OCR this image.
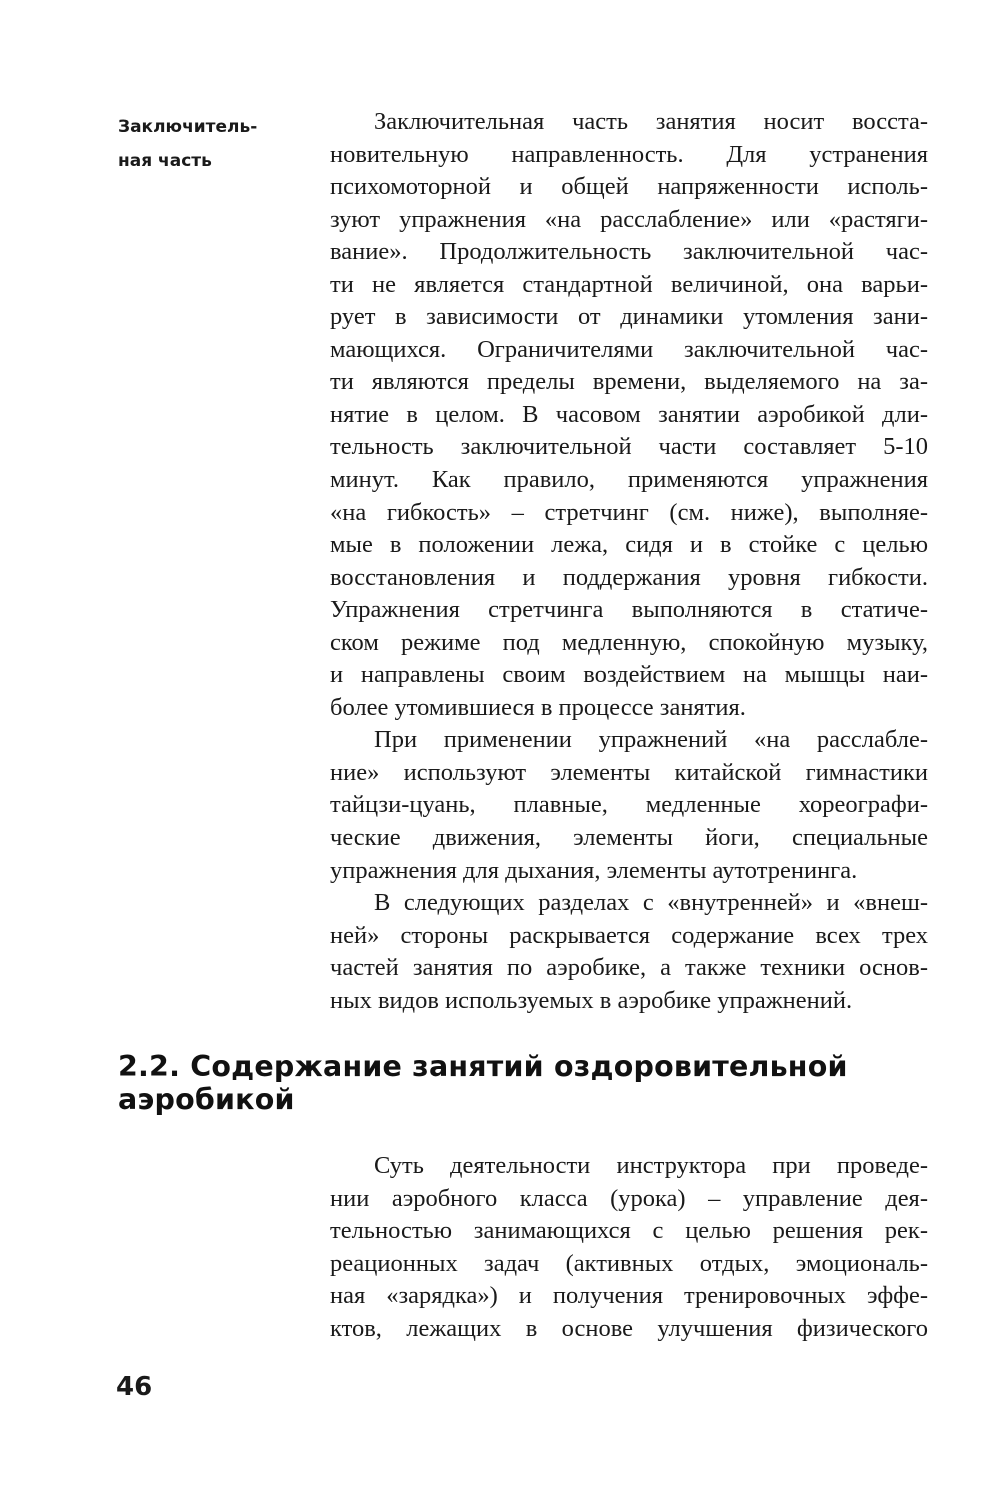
Заключитель-
ная часть
Заключительная часть занятия носит восста-
новительную направленность. Для устранения
психомоторной и общей напряженности исполь-
зуют упражнения «на расслабление» или «растяги-
вание». Продолжительность заключительной час-
ти не является стандартной величиной, она варьи-
рует в зависимости от динамики утомления зани-
мающихся. Ограничителями заключительной час-
ти являются пределы времени, выделяемого на за-
нятие в целом. В часовом занятии аэробикой дли-
тельность заключительной части составляет 5-10
минут. Как правило, применяются упражнения
«на гибкость» – стретчинг (см. ниже), выполняе-
мые в положении лежа, сидя и в стойке с целью
восстановления и поддержания уровня гибкости.
Упражнения стретчинга выполняются в статиче-
ском режиме под медленную, спокойную музыку,
и направлены своим воздействием на мышцы наи-
более утомившиеся в процессе занятия.
При применении упражнений «на расслабле-
ние» используют элементы китайской гимнастики
тайцзи-цуань, плавные, медленные хореографи-
ческие движения, элементы йоги, специальные
упражнения для дыхания, элементы аутотренинга.
В следующих разделах с «внутренней» и «внеш-
ней» стороны раскрывается содержание всех трех
частей занятия по аэробике, а также техники основ-
ных видов используемых в аэробике упражнений.
2.2. Содержание занятий оздоровительной
аэробикой
Суть деятельности инструктора при проведе-
нии аэробного класса (урока) – управление дея-
тельностью занимающихся с целью решения рек-
реационных задач (активных отдых, эмоциональ-
ная «зарядка») и получения тренировочных эффе-
ктов, лежащих в основе улучшения физического
46
